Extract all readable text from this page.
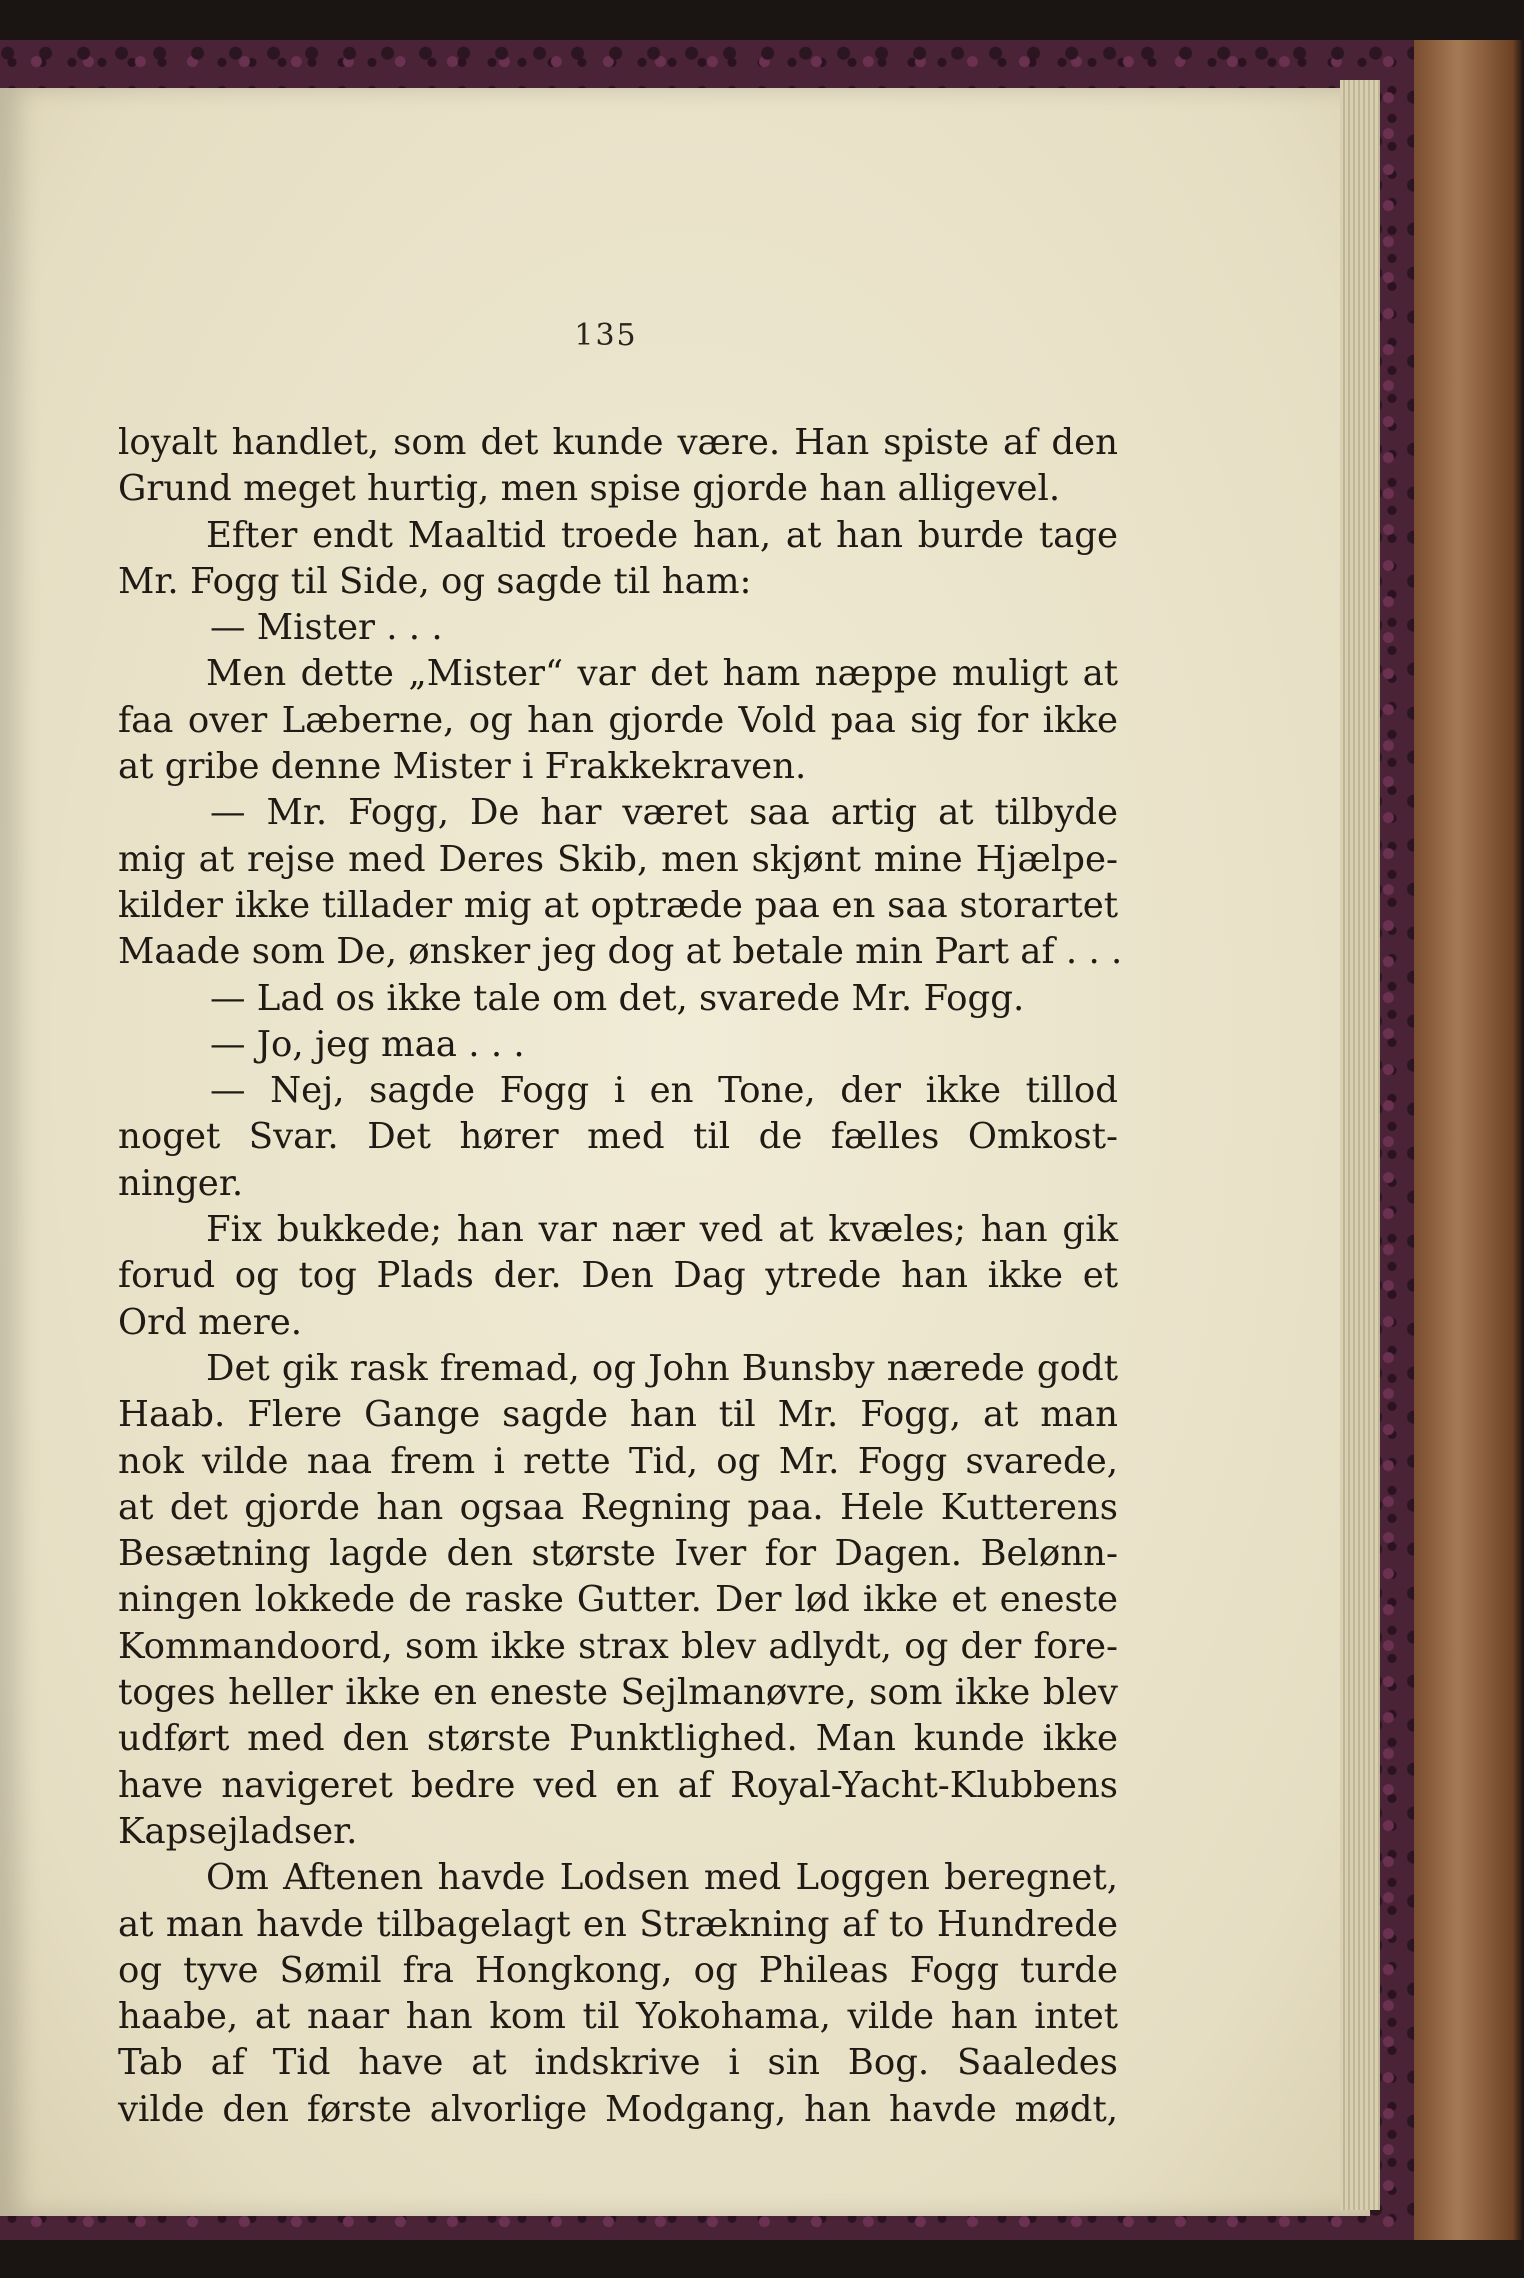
135
loyalt handlet, som det kunde være. Han spiste af den
Grund meget hurtig, men spise gjorde han alligevel.
Efter endt Maaltid troede han, at han burde tage
Mr. Fogg til Side, og sagde til ham:
— Mister . . .
Men dette „Mister“ var det ham næppe muligt at
faa over Læberne, og han gjorde Vold paa sig for ikke
at gribe denne Mister i Frakkekraven.
— Mr. Fogg, De har været saa artig at tilbyde
mig at rejse med Deres Skib, men skjønt mine Hjælpe-
kilder ikke tillader mig at optræde paa en saa storartet
Maade som De, ønsker jeg dog at betale min Part af . . .
— Lad os ikke tale om det, svarede Mr. Fogg.
— Jo, jeg maa . . .
— Nej, sagde Fogg i en Tone, der ikke tillod
noget Svar. Det hører med til de fælles Omkost-
ninger.
Fix bukkede; han var nær ved at kvæles; han gik
forud og tog Plads der. Den Dag ytrede han ikke et
Ord mere.
Det gik rask fremad, og John Bunsby nærede godt
Haab. Flere Gange sagde han til Mr. Fogg, at man
nok vilde naa frem i rette Tid, og Mr. Fogg svarede,
at det gjorde han ogsaa Regning paa. Hele Kutterens
Besætning lagde den største Iver for Dagen. Belønn-
ningen lokkede de raske Gutter. Der lød ikke et eneste
Kommandoord, som ikke strax blev adlydt, og der fore-
toges heller ikke en eneste Sejlmanøvre, som ikke blev
udført med den største Punktlighed. Man kunde ikke
have navigeret bedre ved en af Royal-Yacht-Klubbens
Kapsejladser.
Om Aftenen havde Lodsen med Loggen beregnet,
at man havde tilbagelagt en Strækning af to Hundrede
og tyve Sømil fra Hongkong, og Phileas Fogg turde
haabe, at naar han kom til Yokohama, vilde han intet
Tab af Tid have at indskrive i sin Bog. Saaledes
vilde den første alvorlige Modgang, han havde mødt,
